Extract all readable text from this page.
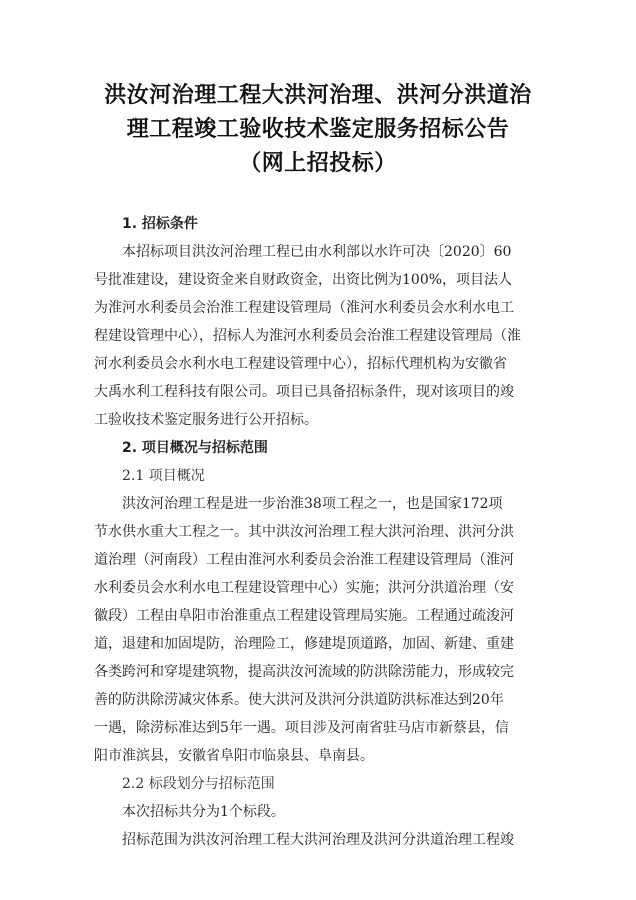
洪汝河治理工程大洪河治理、洪河分洪道治
理工程竣工验收技术鉴定服务招标公告
（网上招投标）
1. 招标条件
本招标项目洪汝河治理工程已由水利部以水许可决〔2020〕60
号批准建设，建设资金来自财政资金，出资比例为100%，项目法人
为淮河水利委员会治淮工程建设管理局（淮河水利委员会水利水电工
程建设管理中心），招标人为淮河水利委员会治淮工程建设管理局（淮
河水利委员会水利水电工程建设管理中心），招标代理机构为安徽省
大禹水利工程科技有限公司。项目已具备招标条件，现对该项目的竣
工验收技术鉴定服务进行公开招标。
2. 项目概况与招标范围
2.1 项目概况
洪汝河治理工程是进一步治淮38项工程之一，也是国家172项
节水供水重大工程之一。其中洪汝河治理工程大洪河治理、洪河分洪
道治理（河南段）工程由淮河水利委员会治淮工程建设管理局（淮河
水利委员会水利水电工程建设管理中心）实施；洪河分洪道治理（安
徽段）工程由阜阳市治淮重点工程建设管理局实施。工程通过疏浚河
道，退建和加固堤防，治理险工，修建堤顶道路，加固、新建、重建
各类跨河和穿堤建筑物，提高洪汝河流域的防洪除涝能力，形成较完
善的防洪除涝减灾体系。使大洪河及洪河分洪道防洪标准达到20年
一遇，除涝标准达到5年一遇。项目涉及河南省驻马店市新蔡县，信
阳市淮滨县，安徽省阜阳市临泉县、阜南县。
2.2 标段划分与招标范围
本次招标共分为1个标段。
招标范围为洪汝河治理工程大洪河治理及洪河分洪道治理工程竣
